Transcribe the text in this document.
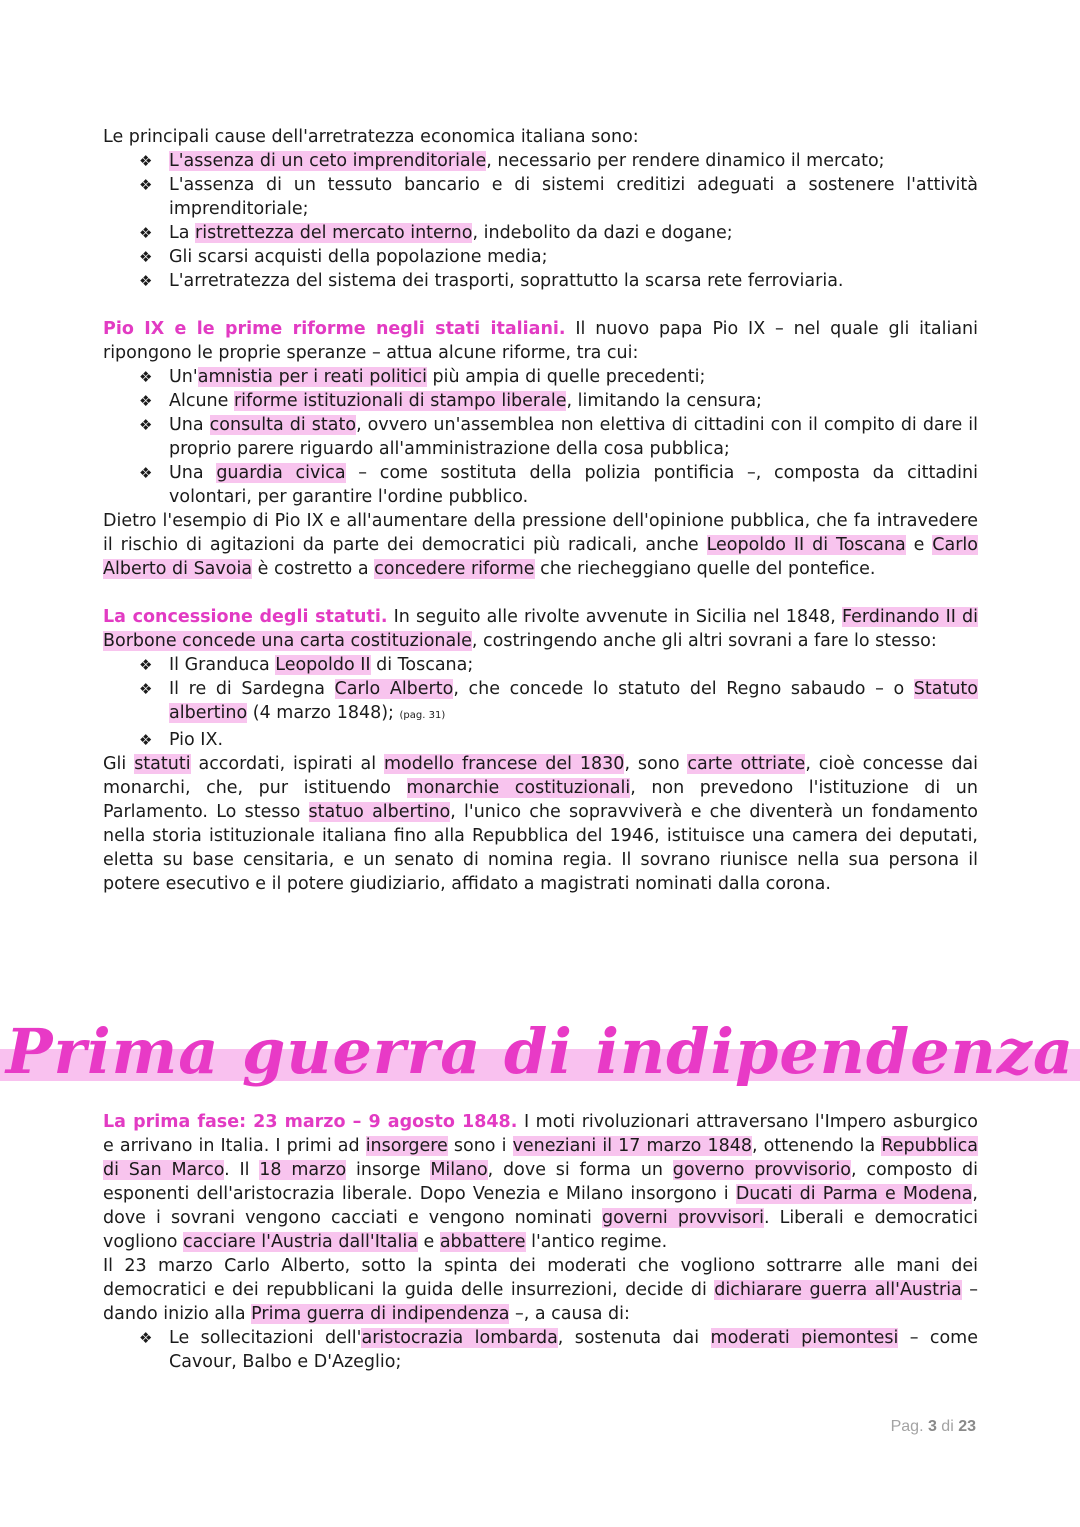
Le principali cause dell'arretratezza economica italiana sono:

❖ L'assenza di un ceto imprenditoriale, necessario per rendere dinamico il mercato;
❖ L'assenza di un tessuto bancario e di sistemi creditizi adeguati a sostenere l'attività imprenditoriale;
❖ La ristrettezza del mercato interno, indebolito da dazi e dogane;
❖ Gli scarsi acquisti della popolazione media;
❖ L'arretratezza del sistema dei trasporti, soprattutto la scarsa rete ferroviaria.

Pio IX e le prime riforme negli stati italiani. Il nuovo papa Pio IX – nel quale gli italiani ripongono le proprie speranze – attua alcune riforme, tra cui:

❖ Un'amnistia per i reati politici più ampia di quelle precedenti;
❖ Alcune riforme istituzionali di stampo liberale, limitando la censura;
❖ Una consulta di stato, ovvero un'assemblea non elettiva di cittadini con il compito di dare il proprio parere riguardo all'amministrazione della cosa pubblica;
❖ Una guardia civica – come sostituta della polizia pontificia –, composta da cittadini volontari, per garantire l'ordine pubblico.

Dietro l'esempio di Pio IX e all'aumentare della pressione dell'opinione pubblica, che fa intravedere il rischio di agitazioni da parte dei democratici più radicali, anche Leopoldo II di Toscana e Carlo Alberto di Savoia è costretto a concedere riforme che riecheggiano quelle del pontefice.

La concessione degli statuti. In seguito alle rivolte avvenute in Sicilia nel 1848, Ferdinando II di Borbone concede una carta costituzionale, costringendo anche gli altri sovrani a fare lo stesso:

❖ Il Granduca Leopoldo II di Toscana;
❖ Il re di Sardegna Carlo Alberto, che concede lo statuto del Regno sabaudo – o Statuto albertino (4 marzo 1848); (pag. 31)
❖ Pio IX.

Gli statuti accordati, ispirati al modello francese del 1830, sono carte ottriate, cioè concesse dai monarchi, che, pur istituendo monarchie costituzionali, non prevedono l'istituzione di un Parlamento. Lo stesso statuo albertino, l'unico che sopravviverà e che diventerà un fondamento nella storia istituzionale italiana fino alla Repubblica del 1946, istituisce una camera dei deputati, eletta su base censitaria, e un senato di nomina regia. Il sovrano riunisce nella sua persona il potere esecutivo e il potere giudiziario, affidato a magistrati nominati dalla corona.

Prima guerra di indipendenza

La prima fase: 23 marzo – 9 agosto 1848. I moti rivoluzionari attraversano l'Impero asburgico e arrivano in Italia. I primi ad insorgere sono i veneziani il 17 marzo 1848, ottenendo la Repubblica di San Marco. Il 18 marzo insorge Milano, dove si forma un governo provvisorio, composto di esponenti dell'aristocrazia liberale. Dopo Venezia e Milano insorgono i Ducati di Parma e Modena, dove i sovrani vengono cacciati e vengono nominati governi provvisori. Liberali e democratici vogliono cacciare l'Austria dall'Italia e abbattere l'antico regime.

Il 23 marzo Carlo Alberto, sotto la spinta dei moderati che vogliono sottrarre alle mani dei democratici e dei repubblicani la guida delle insurrezioni, decide di dichiarare guerra all'Austria – dando inizio alla Prima guerra di indipendenza –, a causa di:

❖ Le sollecitazioni dell'aristocrazia lombarda, sostenuta dai moderati piemontesi – come Cavour, Balbo e D'Azeglio;
Pag. 3 di 23
